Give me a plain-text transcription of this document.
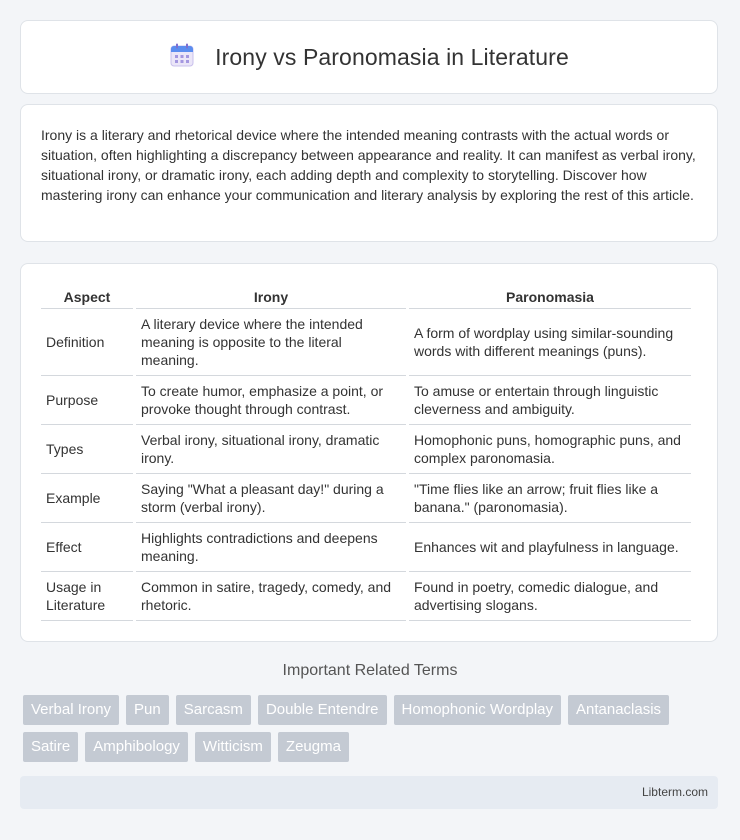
Irony vs Paronomasia in Literature

Irony is a literary and rhetorical device where the intended meaning contrasts with the actual words or situation, often highlighting a discrepancy between appearance and reality. It can manifest as verbal irony, situational irony, or dramatic irony, each adding depth and complexity to storytelling. Discover how mastering irony can enhance your communication and literary analysis by exploring the rest of this article.

Aspect	Irony	Paronomasia
Definition	A literary device where the intended meaning is opposite to the literal meaning.	A form of wordplay using similar-sounding words with different meanings (puns).
Purpose	To create humor, emphasize a point, or provoke thought through contrast.	To amuse or entertain through linguistic cleverness and ambiguity.
Types	Verbal irony, situational irony, dramatic irony.	Homophonic puns, homographic puns, and complex paronomasia.
Example	Saying "What a pleasant day!" during a storm (verbal irony).	"Time flies like an arrow; fruit flies like a banana." (paronomasia).
Effect	Highlights contradictions and deepens meaning.	Enhances wit and playfulness in language.
Usage in Literature	Common in satire, tragedy, comedy, and rhetoric.	Found in poetry, comedic dialogue, and advertising slogans.
Important Related Terms
Verbal Irony	Pun	Sarcasm	Double Entendre	Homophonic Wordplay	Antanaclasis
Satire	Amphibology	Witticism	Zeugma
Libterm.com
